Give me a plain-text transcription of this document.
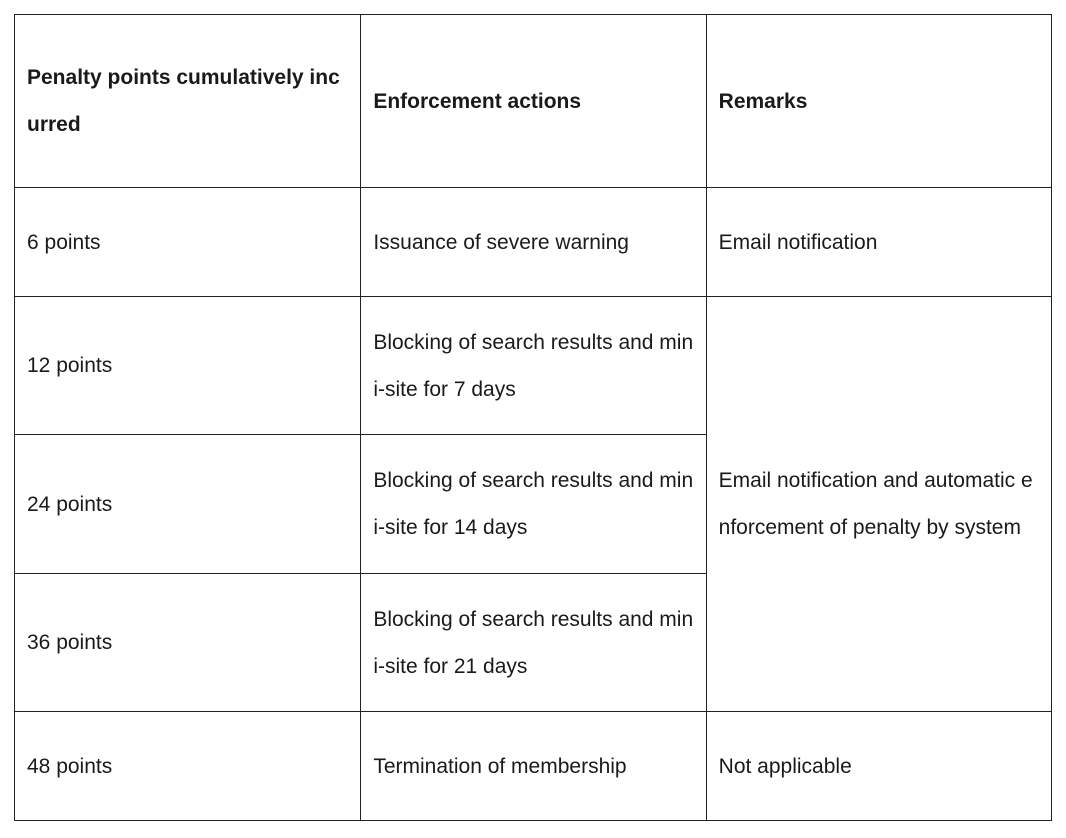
Penalty points cumulatively incurred	Enforcement actions	Remarks
6 points	Issuance of severe warning	Email notification
12 points	Blocking of search results and mini-site for 7 days	Email notification and automatic enforcement of penalty by system
24 points	Blocking of search results and mini-site for 14 days	
36 points	Blocking of search results and mini-site for 21 days	
48 points	Termination of membership	Not applicable
